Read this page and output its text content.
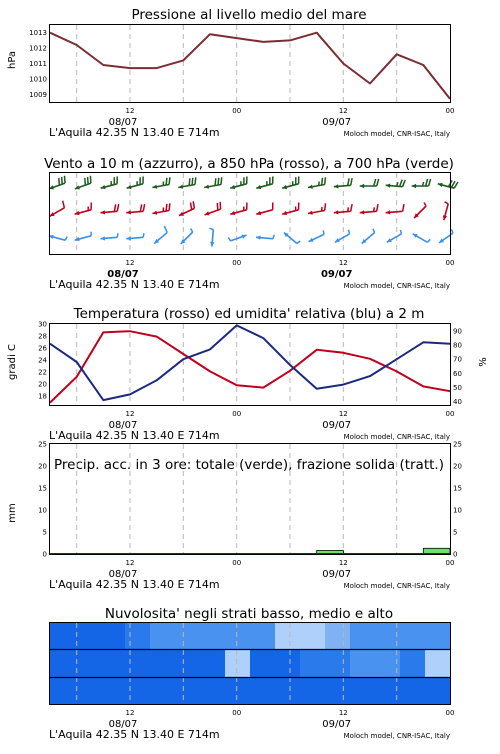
Pressione al livello medio del mare
hPa
1009
1010
1011
1012
1013
12	00	12	00
08/07	09/07
L'Aquila 42.35 N 13.40 E 714m	Moloch model, CNR-ISAC, Italy
Vento a 10 m (azzurro), a 850 hPa (rosso), a 700 hPa (verde)
12	00	12	00
08/07	09/07
L'Aquila 42.35 N 13.40 E 714m	Moloch model, CNR-ISAC, Italy
Temperatura (rosso) ed umidita' relativa (blu) a 2 m
gradi C	%
18
20
22
24
26
28
30
40
50
60
70
80
90
12	00	12	00
08/07	09/07
L'Aquila 42.35 N 13.40 E 714m	Moloch model, CNR-ISAC, Italy
Precip. acc. in 3 ore: totale (verde), frazione solida (tratt.)
mm
0
5
10
15
20
25
0
5
10
15
20
25
12	00	12	00
08/07	09/07
L'Aquila 42.35 N 13.40 E 714m	Moloch model, CNR-ISAC, Italy
Nuvolosita' negli strati basso, medio e alto
12	00	12	00
08/07	09/07
L'Aquila 42.35 N 13.40 E 714m	Moloch model, CNR-ISAC, Italy
